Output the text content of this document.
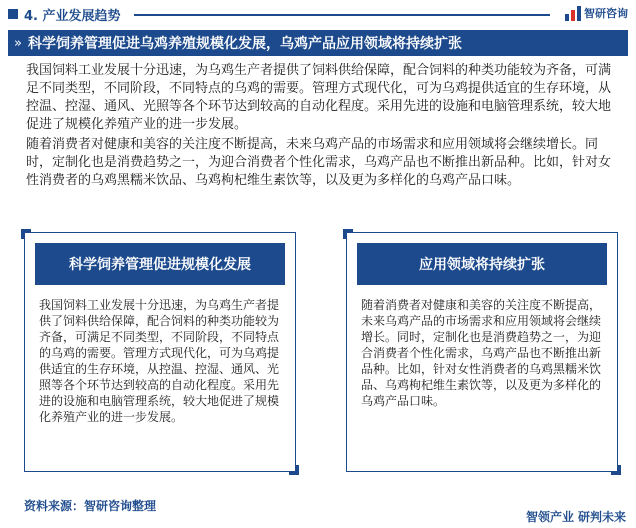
4. 产业发展趋势	智研咨询
» 科学饲养管理促进乌鸡养殖规模化发展，乌鸡产品应用领域将持续扩张
我国饲料工业发展十分迅速，为乌鸡生产者提供了饲料供给保障，配合饲料的种类功能较为齐备，可满足不同类型，不同阶段，不同特点的乌鸡的需要。管理方式现代化，可为乌鸡提供适宜的生存环境，从控温、控湿、通风、光照等各个环节达到较高的自动化程度。采用先进的设施和电脑管理系统，较大地促进了规模化养殖产业的进一步发展。
随着消费者对健康和美容的关注度不断提高，未来乌鸡产品的市场需求和应用领域将会继续增长。同时，定制化也是消费趋势之一，为迎合消费者个性化需求，乌鸡产品也不断推出新品种。比如，针对女性消费者的乌鸡黑糯米饮品、乌鸡枸杞维生素饮等，以及更为多样化的乌鸡产品口味。
科学饲养管理促进规模化发展
我国饲料工业发展十分迅速，为乌鸡生产者提供了饲料供给保障，配合饲料的种类功能较为齐备，可满足不同类型，不同阶段，不同特点的乌鸡的需要。管理方式现代化，可为乌鸡提供适宜的生存环境，从控温、控湿、通风、光照等各个环节达到较高的自动化程度。采用先进的设施和电脑管理系统，较大地促进了规模化养殖产业的进一步发展。
应用领域将持续扩张
随着消费者对健康和美容的关注度不断提高，未来乌鸡产品的市场需求和应用领域将会继续增长。同时，定制化也是消费趋势之一，为迎合消费者个性化需求，乌鸡产品也不断推出新品种。比如，针对女性消费者的乌鸡黑糯米饮品、乌鸡枸杞维生素饮等，以及更为多样化的乌鸡产品口味。
资料来源：智研咨询整理
智领产业 研判未来
